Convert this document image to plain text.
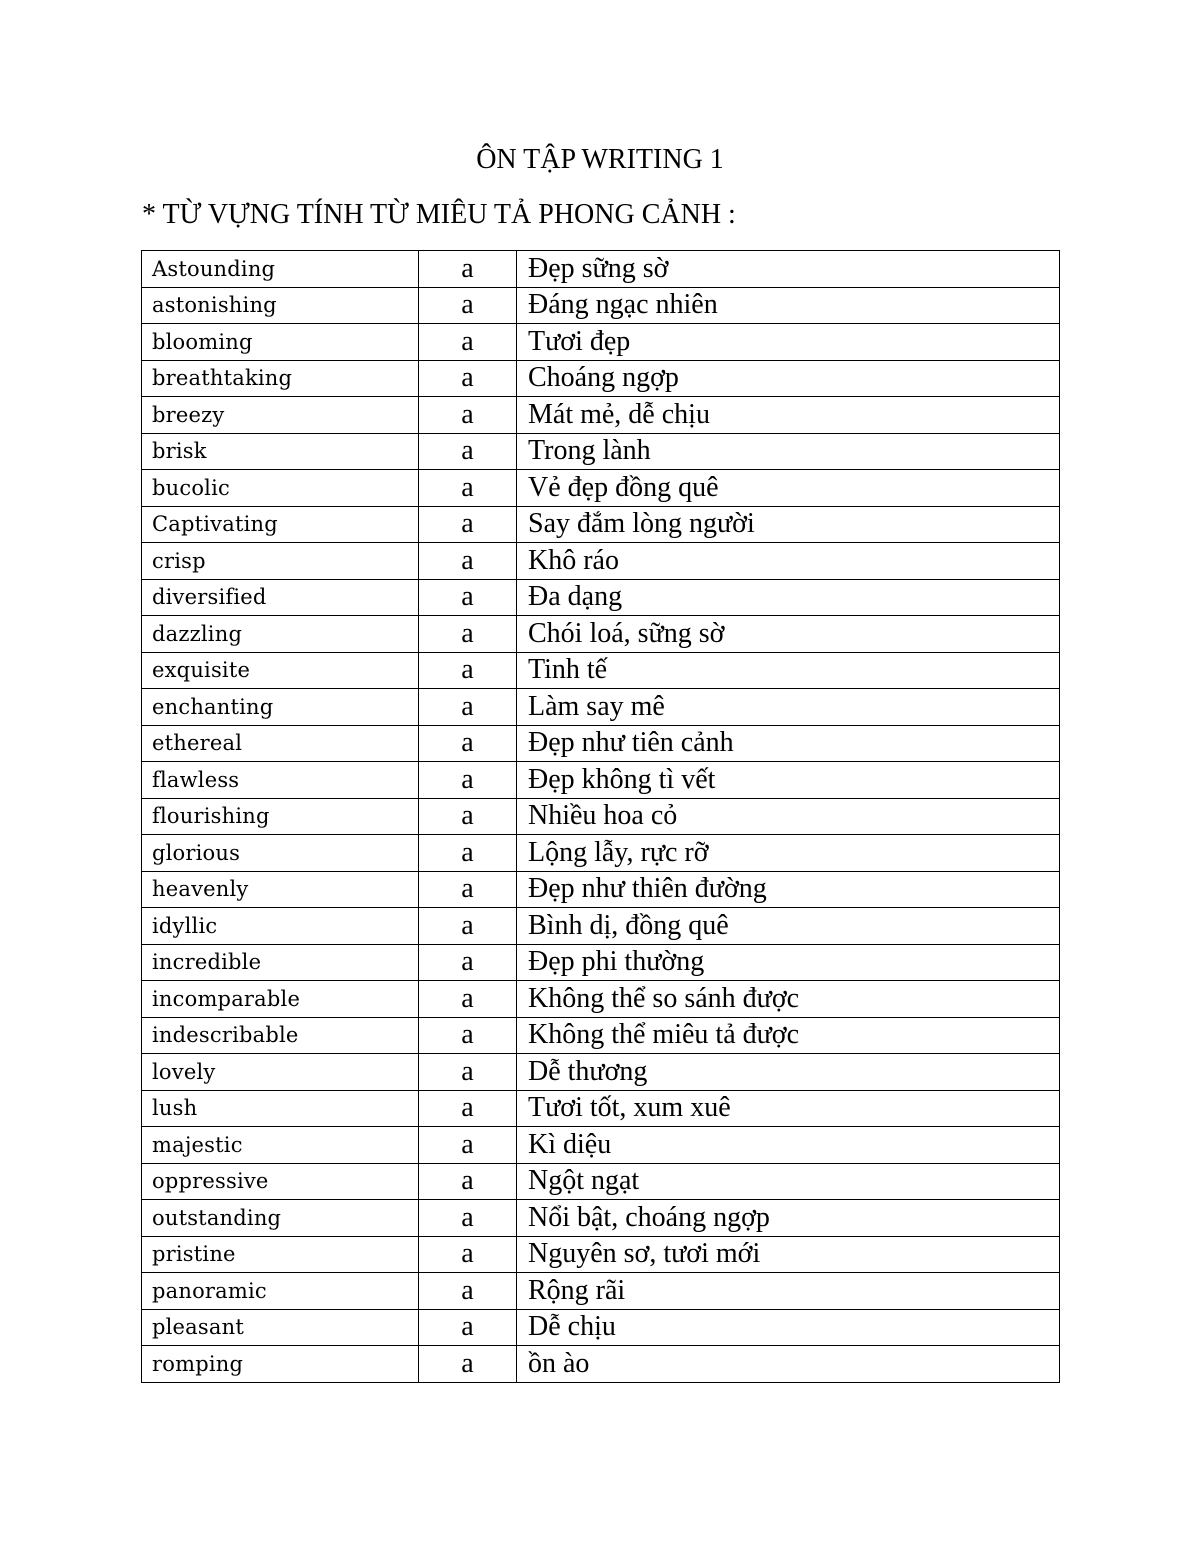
ÔN TẬP WRITING 1
* TỪ VỰNG TÍNH TỪ MIÊU TẢ PHONG CẢNH :
Astounding	a	Đẹp sững sờ
astonishing	a	Đáng ngạc nhiên
blooming	a	Tươi đẹp
breathtaking	a	Choáng ngợp
breezy	a	Mát mẻ, dễ chịu
brisk	a	Trong lành
bucolic	a	Vẻ đẹp đồng quê
Captivating	a	Say đắm lòng người
crisp	a	Khô ráo
diversified	a	Đa dạng
dazzling	a	Chói loá, sững sờ
exquisite	a	Tinh tế
enchanting	a	Làm say mê
ethereal	a	Đẹp như tiên cảnh
flawless	a	Đẹp không tì vết
flourishing	a	Nhiều hoa cỏ
glorious	a	Lộng lẫy, rực rỡ
heavenly	a	Đẹp như thiên đường
idyllic	a	Bình dị, đồng quê
incredible	a	Đẹp phi thường
incomparable	a	Không thể so sánh được
indescribable	a	Không thể miêu tả được
lovely	a	Dễ thương
lush	a	Tươi tốt, xum xuê
majestic	a	Kì diệu
oppressive	a	Ngột ngạt
outstanding	a	Nổi bật, choáng ngợp
pristine	a	Nguyên sơ, tươi mới
panoramic	a	Rộng rãi
pleasant	a	Dễ chịu
romping	a	ồn ào
